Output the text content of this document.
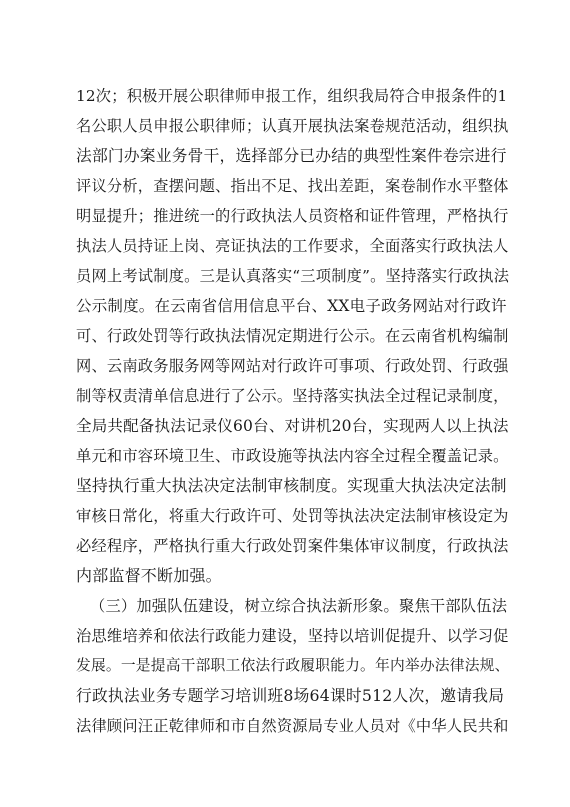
12次；积极开展公职律师申报工作，组织我局符合申报条件的1
名公职人员申报公职律师；认真开展执法案卷规范活动，组织执
法部门办案业务骨干，选择部分已办结的典型性案件卷宗进行
评议分析，查摆问题、指出不足、找出差距，案卷制作水平整体
明显提升；推进统一的行政执法人员资格和证件管理，严格执行
执法人员持证上岗、亮证执法的工作要求，全面落实行政执法人
员网上考试制度。三是认真落实“三项制度”。坚持落实行政执法
公示制度。在云南省信用信息平台、XX电子政务网站对行政许
可、行政处罚等行政执法情况定期进行公示。在云南省机构编制
网、云南政务服务网等网站对行政许可事项、行政处罚、行政强
制等权责清单信息进行了公示。坚持落实执法全过程记录制度，
全局共配备执法记录仪60台、对讲机20台，实现两人以上执法
单元和市容环境卫生、市政设施等执法内容全过程全覆盖记录。
坚持执行重大执法决定法制审核制度。实现重大执法决定法制
审核日常化，将重大行政许可、处罚等执法决定法制审核设定为
必经程序，严格执行重大行政处罚案件集体审议制度，行政执法
内部监督不断加强。
（三）加强队伍建设，树立综合执法新形象。聚焦干部队伍法
治思维培养和依法行政能力建设，坚持以培训促提升、以学习促
发展。一是提高干部职工依法行政履职能力。年内举办法律法规、
行政执法业务专题学习培训班8场64课时512人次，邀请我局
法律顾问汪正乾律师和市自然资源局专业人员对《中华人民共和
